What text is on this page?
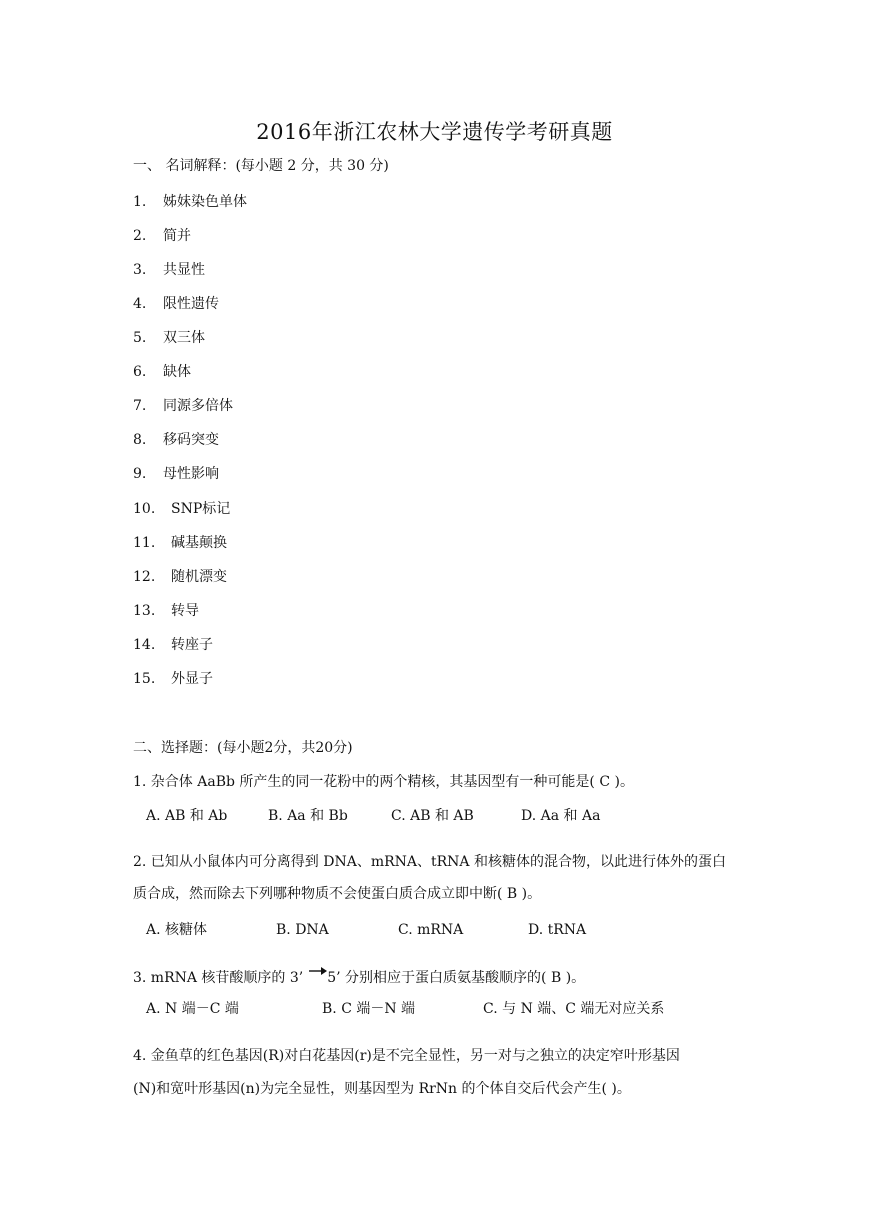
2016年浙江农林大学遗传学考研真题
一、 名词解释：(每小题 2 分，共 30 分)
1. 姊妹染色单体
2. 简并
3. 共显性
4. 限性遗传
5. 双三体
6. 缺体
7. 同源多倍体
8. 移码突变
9. 母性影响
10. SNP标记
11. 碱基颠换
12. 随机漂变
13. 转导
14. 转座子
15. 外显子
二、选择题：(每小题2分，共20分)
1. 杂合体 AaBb 所产生的同一花粉中的两个精核，其基因型有一种可能是( C )。
A. AB 和 Ab	B. Aa 和 Bb	C. AB 和 AB	D. Aa 和 Aa
2. 已知从小鼠体内可分离得到 DNA、mRNA、tRNA 和核糖体的混合物，以此进行体外的蛋白
质合成，然而除去下列哪种物质不会使蛋白质合成立即中断( B )。
A. 核糖体	B. DNA	C. mRNA	D. tRNA
3. mRNA 核苷酸顺序的 3’ 5’ 分别相应于蛋白质氨基酸顺序的( B )。
A. N 端－C 端	B. C 端－N 端	C. 与 N 端、C 端无对应关系
4. 金鱼草的红色基因(R)对白花基因(r)是不完全显性，另一对与之独立的决定窄叶形基因
(N)和宽叶形基因(n)为完全显性，则基因型为 RrNn 的个体自交后代会产生( )。
